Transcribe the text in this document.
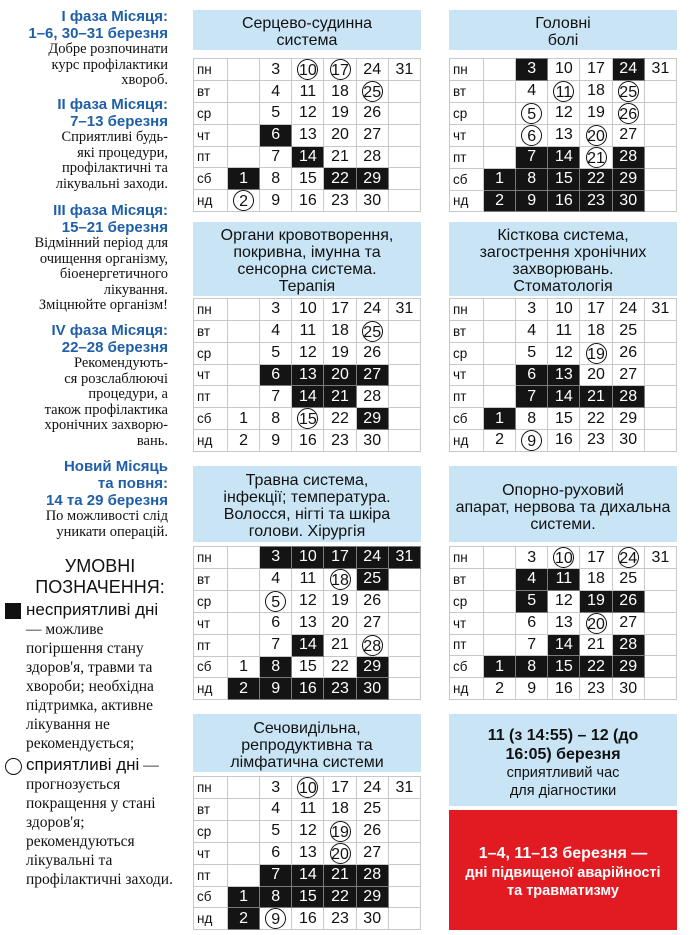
I фаза Місяця:
1–6, 30–31 березня
Добре розпочинати
курс профілактики
хвороб.
II фаза Місяця:
7–13 березня
Сприятливі будь-
які процедури,
профілактичні та
лікувальні заходи.
III фаза Місяця:
15–21 березня
Відмінний період для
очищення організму,
біоенергетичного
лікування.
Зміцнюйте організм!
IV фаза Місяця:
22–28 березня
Рекомендують-
ся розслаблюючі
процедури, а
також профілактика
хронічних захворю-
вань.
Новий Місяць
та повня:
14 та 29 березня
По можливості слід
уникати операцій.
УМОВНІ
ПОЗНАЧЕННЯ:
несприятливі дні — можливе погіршення стану здоров'я, травми та хвороби; необхідна підтримка, активне лікування не рекомендується;
сприятливі дні — прогнозується покращення у стані здоров'я; рекомендуються лікувальні та профілактичні заходи.
Серцево-судинна
система
пн		3	10	17	24	31
вт		4	11	18	25	
ср		5	12	19	26	
чт		6	13	20	27	
пт		7	14	21	28	
сб	1	8	15	22	29	
нд	2	9	16	23	30	
Головні
болі
пн		3	10	17	24	31
вт		4	11	18	25	
ср		5	12	19	26	
чт		6	13	20	27	
пт		7	14	21	28	
сб	1	8	15	22	29	
нд	2	9	16	23	30	
Органи кровотворення,
покривна, імунна та
сенсорна система.
Терапія
пн		3	10	17	24	31
вт		4	11	18	25	
ср		5	12	19	26	
чт		6	13	20	27	
пт		7	14	21	28	
сб	1	8	15	22	29	
нд	2	9	16	23	30	
Кісткова система,
загострення хронічних
захворювань.
Стоматологія
пн		3	10	17	24	31
вт		4	11	18	25	
ср		5	12	19	26	
чт		6	13	20	27	
пт		7	14	21	28	
сб	1	8	15	22	29	
нд	2	9	16	23	30	
Травна система,
інфекції; температура.
Волосся, нігті та шкіра
голови. Хірургія
пн		3	10	17	24	31
вт		4	11	18	25	
ср		5	12	19	26	
чт		6	13	20	27	
пт		7	14	21	28	
сб	1	8	15	22	29	
нд	2	9	16	23	30	
Опорно-руховий
апарат, нервова та дихальна
системи.
пн		3	10	17	24	31
вт		4	11	18	25	
ср		5	12	19	26	
чт		6	13	20	27	
пт		7	14	21	28	
сб	1	8	15	22	29	
нд	2	9	16	23	30	
Сечовидільна,
репродуктивна та
лімфатична системи
пн		3	10	17	24	31
вт		4	11	18	25	
ср		5	12	19	26	
чт		6	13	20	27	
пт		7	14	21	28	
сб	1	8	15	22	29	
нд	2	9	16	23	30	
11 (з 14:55) – 12 (до
16:05) березня
сприятливий час
для діагностики
1–4, 11–13 березня —
дні підвищеної аварійності
та травматизму
